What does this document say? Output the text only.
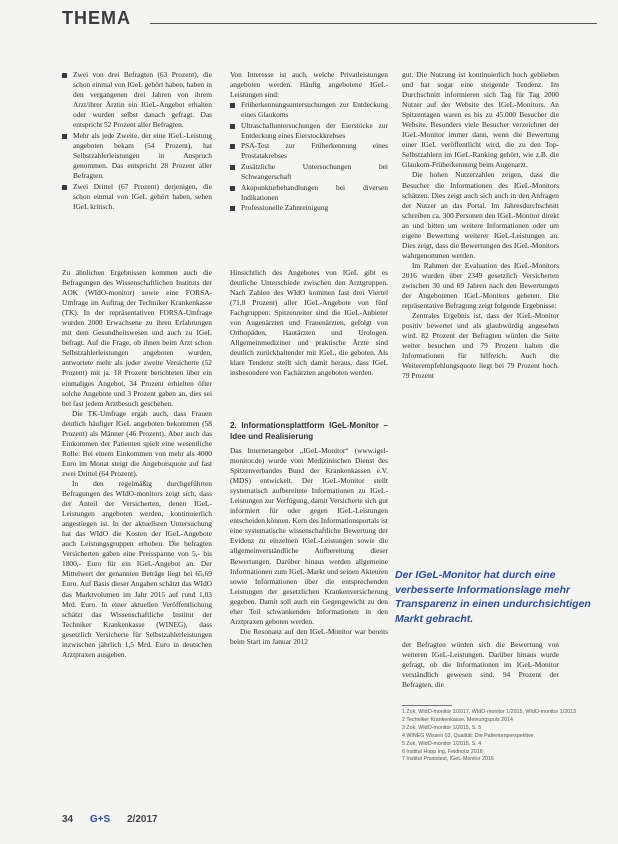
THEMA
Zwei von drei Befragten (63 Prozent), die schon einmal von IGeL gehört haben, haben in den vergangenen drei Jahren von ihrem Arzt/ihrer Ärztin ein IGeL-Angebot erhalten oder wurden selbst danach gefragt. Das entspricht 52 Prozent aller Befragten.
Mehr als jede Zweite, der eine IGeL-Leistung angeboten bekam (54 Prozent), hat Selbstzahlerleistungen in Anspruch genommen. Das entspricht 28 Prozent aller Befragten.
Zwei Drittel (67 Prozent) derjenigen, die schon einmal von IGeL gehört haben, sehen IGeL kritisch.

Zu ähnlichen Ergebnissen kommen auch die Befragungen des Wissenschaftlichen Instituts der AOK (WIdO-monitor) sowie eine FORSA-Umfrage im Auftrag der Techniker Krankenkasse (TK). In der repräsentativen FORSA-Umfrage wurden 2000 Erwachsene zu ihren Erfahrungen mit dem Gesundheitswesen und auch zu IGeL befragt. Auf die Frage, ob ihnen beim Arzt schon Selbstzahlerleistungen angeboten wurden, antwortete mehr als jeder zweite Versicherte (52 Prozent) mit ja. 18 Prozent berichteten über ein einmaliges Angebot, 34 Prozent erhielten öfter solche Angebote und 3 Prozent gaben an, dies sei bei fast jedem Arztbesuch geschehen.

Die TK-Umfrage ergab auch, dass Frauen deutlich häufiger IGeL angeboten bekommen (58 Prozent) als Männer (46 Prozent). Aber auch das Einkommen der Patienten spielt eine wesentliche Rolle: Bei einem Einkommen von mehr als 4000 Euro im Monat steigt die Angebotsquote auf fast zwei Drittel (64 Prozent).

In den regelmäßig durchgeführten Befragungen des WIdO-monitors zeigt sich, dass der Anteil der Versicherten, denen IGeL-Leistungen angeboten werden, kontinuierlich angestiegen ist. In der aktuellsten Untersuchung hat das WIdO die Kosten der IGeL-Angebote auch Leistungsgruppen erhoben. Die befragten Versicherten gaben eine Preisspanne von 5,- bis 1800,- Euro für ein IGeL-Angebot an. Der Mittelwert der genannten Beträge liegt bei 65,69 Euro. Auf Basis dieser Angaben schätzt das WIdO das Marktvolumen im Jahr 2015 auf rund 1,03 Mrd. Euro. In einer aktuellen Veröffentlichung schätzt das Wissenschaftliche Institut der Techniker Krankenkasse (WINEG), dass gesetzlich Versicherte für Selbstzahlerleistungen inzwischen jährlich 1,5 Mrd. Euro in deutschen Arztpraxen ausgeben.

Von Interesse ist auch, welche Privatleistungen angeboten werden. Häufig angebotene IGeL-Leistungen sind:

Früherkennungsuntersuchungen zur Entdeckung eines Glaukoms
Ultraschalluntersuchungen der Eierstöcke zur Entdeckung eines Eierstockkrebses
PSA-Test zur Früherkennung eines Prostatakrebses
Zusätzliche Untersuchungen bei Schwangerschaft
Akupunkturbehandlungen bei diversen Indikationen
Professionelle Zahnreinigung

Hinsichtlich des Angebotes von IGeL gibt es deutliche Unterschiede zwischen den Arztgruppen. Nach Zahlen des WIdO kommen fast drei Viertel (71,8 Prozent) aller IGeL-Angebote von fünf Fachgruppen: Spitzenreiter sind die IGeL-Anbieter von Augenärzten und Frauenärzten, gefolgt von Orthopäden, Hautärzten und Urologen. Allgemeinmediziner und praktische Ärzte sind deutlich zurückhaltender mit IGeL, die geboten. Als klare Tendenz stellt sich damit heraus, dass IGeL insbesondere von Fachärzten angeboten werden.

2. Informationsplattform IGeL-Monitor – Idee und Realisierung

Das Internetangebot „IGeL-Monitor“ (www.igel-monitor.de) wurde vom Medizinischen Dienst des Spitzenverbandes Bund der Krankenkassen e.V. (MDS) entwickelt. Der IGeL-Monitor stellt systematisch aufbereitete Informationen zu IGeL-Leistungen zur Verfügung, damit Versicherte sich gut informiert für oder gegen IGeL-Leistungen entscheiden können. Kern des Informationsportals ist eine systematische wissenschaftliche Bewertung der Evidenz zu einzelnen IGeL-Leistungen sowie die allgemeinverständliche Aufbereitung dieser Bewertungen. Darüber hinaus werden allgemeine Informationen zum IGeL-Markt und seinen Akteuren sowie Informationen über die entsprechenden Leistungen der gesetzlichen Krankenversicherung gegeben. Damit soll auch ein Gegengewicht zu den eher Teil schwankenden Informationen in den Arztpraxen geboten werden.

Die Resonanz auf den IGeL-Monitor war bereits beim Start im Januar 2012

gut. Die Nutzung ist kontinuierlich hoch geblieben und hat sogar eine steigende Tendenz. Im Durchschnitt informieren sich Tag für Tag 2000 Nutzer auf der Website des IGeL-Monitors. An Spitzentagen waren es bis zu 45.000 Besucher die Website. Besonders viele Besucher verzeichnet der IGeL-Monitor immer dann, wenn die Bewertung einer IGeL veröffentlicht wird, die zu den Top-Selbstzahlern im IGeL-Ranking gehört, wie z.B. die Glaukom-Früherkennung beim Augenarzt.

Die hohen Nutzerzahlen zeigen, dass die Besucher die Informationen des IGeL-Monitors schätzen. Dies zeigt auch sich auch in den Anfragen der Nutzer an das Portal. Im Jahresdurchschnitt schreiben ca. 300 Personen den IGeL-Monitor direkt an und bitten um weitere Informationen oder um eigene Bewertung weiterer IGeL-Leistungen an. Dies zeigt, dass die Bewertungen des IGeL-Monitors wahrgenommen werden.

Im Rahmen der Evaluation des IGeL-Monitors 2016 wurden über 2349 gesetzlich Versicherten zwischen 30 und 69 Jahren nach den Bewertungen der Angebotenen IGeL-Monitors gebeten. Die repräsentative Befragung zeigt folgende Ergebnisse:

Zentrales Ergebnis ist, dass der IGeL-Monitor positiv bewertet und als glaubwürdig angesehen wird. 82 Prozent der Befragten würden die Seite weiter besuchen und 79 Prozent halten die Informationen für hilfreich. Auch die Weiterempfehlungsquote liegt bei 79 Prozent hoch. 79 Prozent

Der IGeL-Monitor hat durch eine verbesserte Informationslage mehr Transparenz in einen undurchsichtigen Markt gebracht.

der Befragten würden sich die Bewertung von weiteren IGeL-Leistungen. Darüber hinaus wurde gefragt, ob die Informationen im IGeL-Monitor verständlich gewesen sind. 94 Prozent der Befragten, die

1 Zok, WIdO-monitor 2/2017, WIdO-monitor 1/2015, WIdO-monitor 1/2013
2 Techniker Krankenkasse, Meinungspuls 2014
3 Zok, WIdO-monitor 1/2015, S. 5
4 WINEG Wissen 03, Qualität: Die Patientenperspektive
5 Zok, WIdO-monitor 1/2015, S. 4
6 Institut Hopp Ing, Feldnotiz 2016
7 Institut Praxistest, IGeL-Monitor 2016
34 G+S 2/2017
